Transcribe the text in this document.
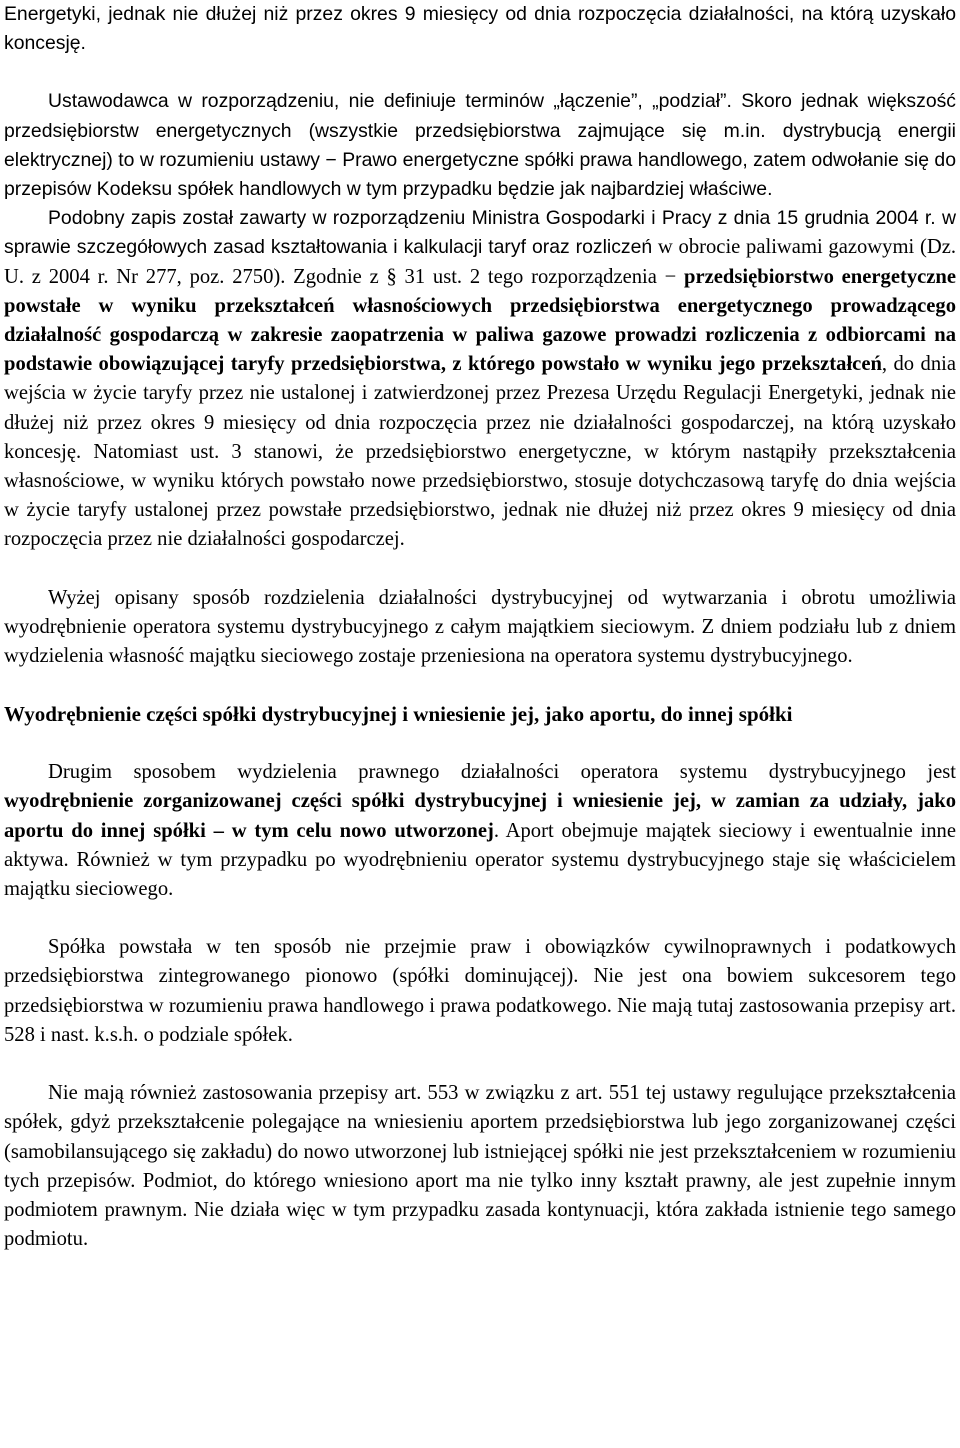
Energetyki, jednak nie dłużej niż przez okres 9 miesięcy od dnia rozpoczęcia działalności, na którą uzyskało koncesję.

Ustawodawca w rozporządzeniu, nie definiuje terminów „łączenie”, „podział”. Skoro jednak większość przedsiębiorstw energetycznych (wszystkie przedsiębiorstwa zajmujące się m.in. dystrybucją energii elektrycznej) to w rozumieniu ustawy − Prawo energetyczne spółki prawa handlowego, zatem odwołanie się do przepisów Kodeksu spółek handlowych w tym przypadku będzie jak najbardziej właściwe.

Podobny zapis został zawarty w rozporządzeniu Ministra Gospodarki i Pracy z dnia 15 grudnia 2004 r. w sprawie szczegółowych zasad kształtowania i kalkulacji taryf oraz rozliczeń w obrocie paliwami gazowymi (Dz. U. z 2004 r. Nr 277, poz. 2750). Zgodnie z § 31 ust. 2 tego rozporządzenia − przedsiębiorstwo energetyczne powstałe w wyniku przekształceń własnościowych przedsiębiorstwa energetycznego prowadzącego działalność gospodarczą w zakresie zaopatrzenia w paliwa gazowe prowadzi rozliczenia z odbiorcami na podstawie obowiązującej taryfy przedsiębiorstwa, z którego powstało w wyniku jego przekształceń, do dnia wejścia w życie taryfy przez nie ustalonej i zatwierdzonej przez Prezesa Urzędu Regulacji Energetyki, jednak nie dłużej niż przez okres 9 miesięcy od dnia rozpoczęcia przez nie działalności gospodarczej, na którą uzyskało koncesję. Natomiast ust. 3 stanowi, że przedsiębiorstwo energetyczne, w którym nastąpiły przekształcenia własnościowe, w wyniku których powstało nowe przedsiębiorstwo, stosuje dotychczasową taryfę do dnia wejścia w życie taryfy ustalonej przez powstałe przedsiębiorstwo, jednak nie dłużej niż przez okres 9 miesięcy od dnia rozpoczęcia przez nie działalności gospodarczej.

Wyżej opisany sposób rozdzielenia działalności dystrybucyjnej od wytwarzania i obrotu umożliwia wyodrębnienie operatora systemu dystrybucyjnego z całym majątkiem sieciowym. Z dniem podziału lub z dniem wydzielenia własność majątku sieciowego zostaje przeniesiona na operatora systemu dystrybucyjnego.

Wyodrębnienie części spółki dystrybucyjnej i wniesienie jej, jako aportu, do innej spółki

Drugim sposobem wydzielenia prawnego działalności operatora systemu dystrybucyjnego jest wyodrębnienie zorganizowanej części spółki dystrybucyjnej i wniesienie jej, w zamian za udziały, jako aportu do innej spółki – w tym celu nowo utworzonej. Aport obejmuje majątek sieciowy i ewentualnie inne aktywa. Również w tym przypadku po wyodrębnieniu operator systemu dystrybucyjnego staje się właścicielem majątku sieciowego.

Spółka powstała w ten sposób nie przejmie praw i obowiązków cywilnoprawnych i podatkowych przedsiębiorstwa zintegrowanego pionowo (spółki dominującej). Nie jest ona bowiem sukcesorem tego przedsiębiorstwa w rozumieniu prawa handlowego i prawa podatkowego. Nie mają tutaj zastosowania przepisy art. 528 i nast. k.s.h. o podziale spółek.

Nie mają również zastosowania przepisy art. 553 w związku z art. 551 tej ustawy regulujące przekształcenia spółek, gdyż przekształcenie polegające na wniesieniu aportem przedsiębiorstwa lub jego zorganizowanej części (samobilansującego się zakładu) do nowo utworzonej lub istniejącej spółki nie jest przekształceniem w rozumieniu tych przepisów. Podmiot, do którego wniesiono aport ma nie tylko inny kształt prawny, ale jest zupełnie innym podmiotem prawnym. Nie działa więc w tym przypadku zasada kontynuacji, która zakłada istnienie tego samego podmiotu.
